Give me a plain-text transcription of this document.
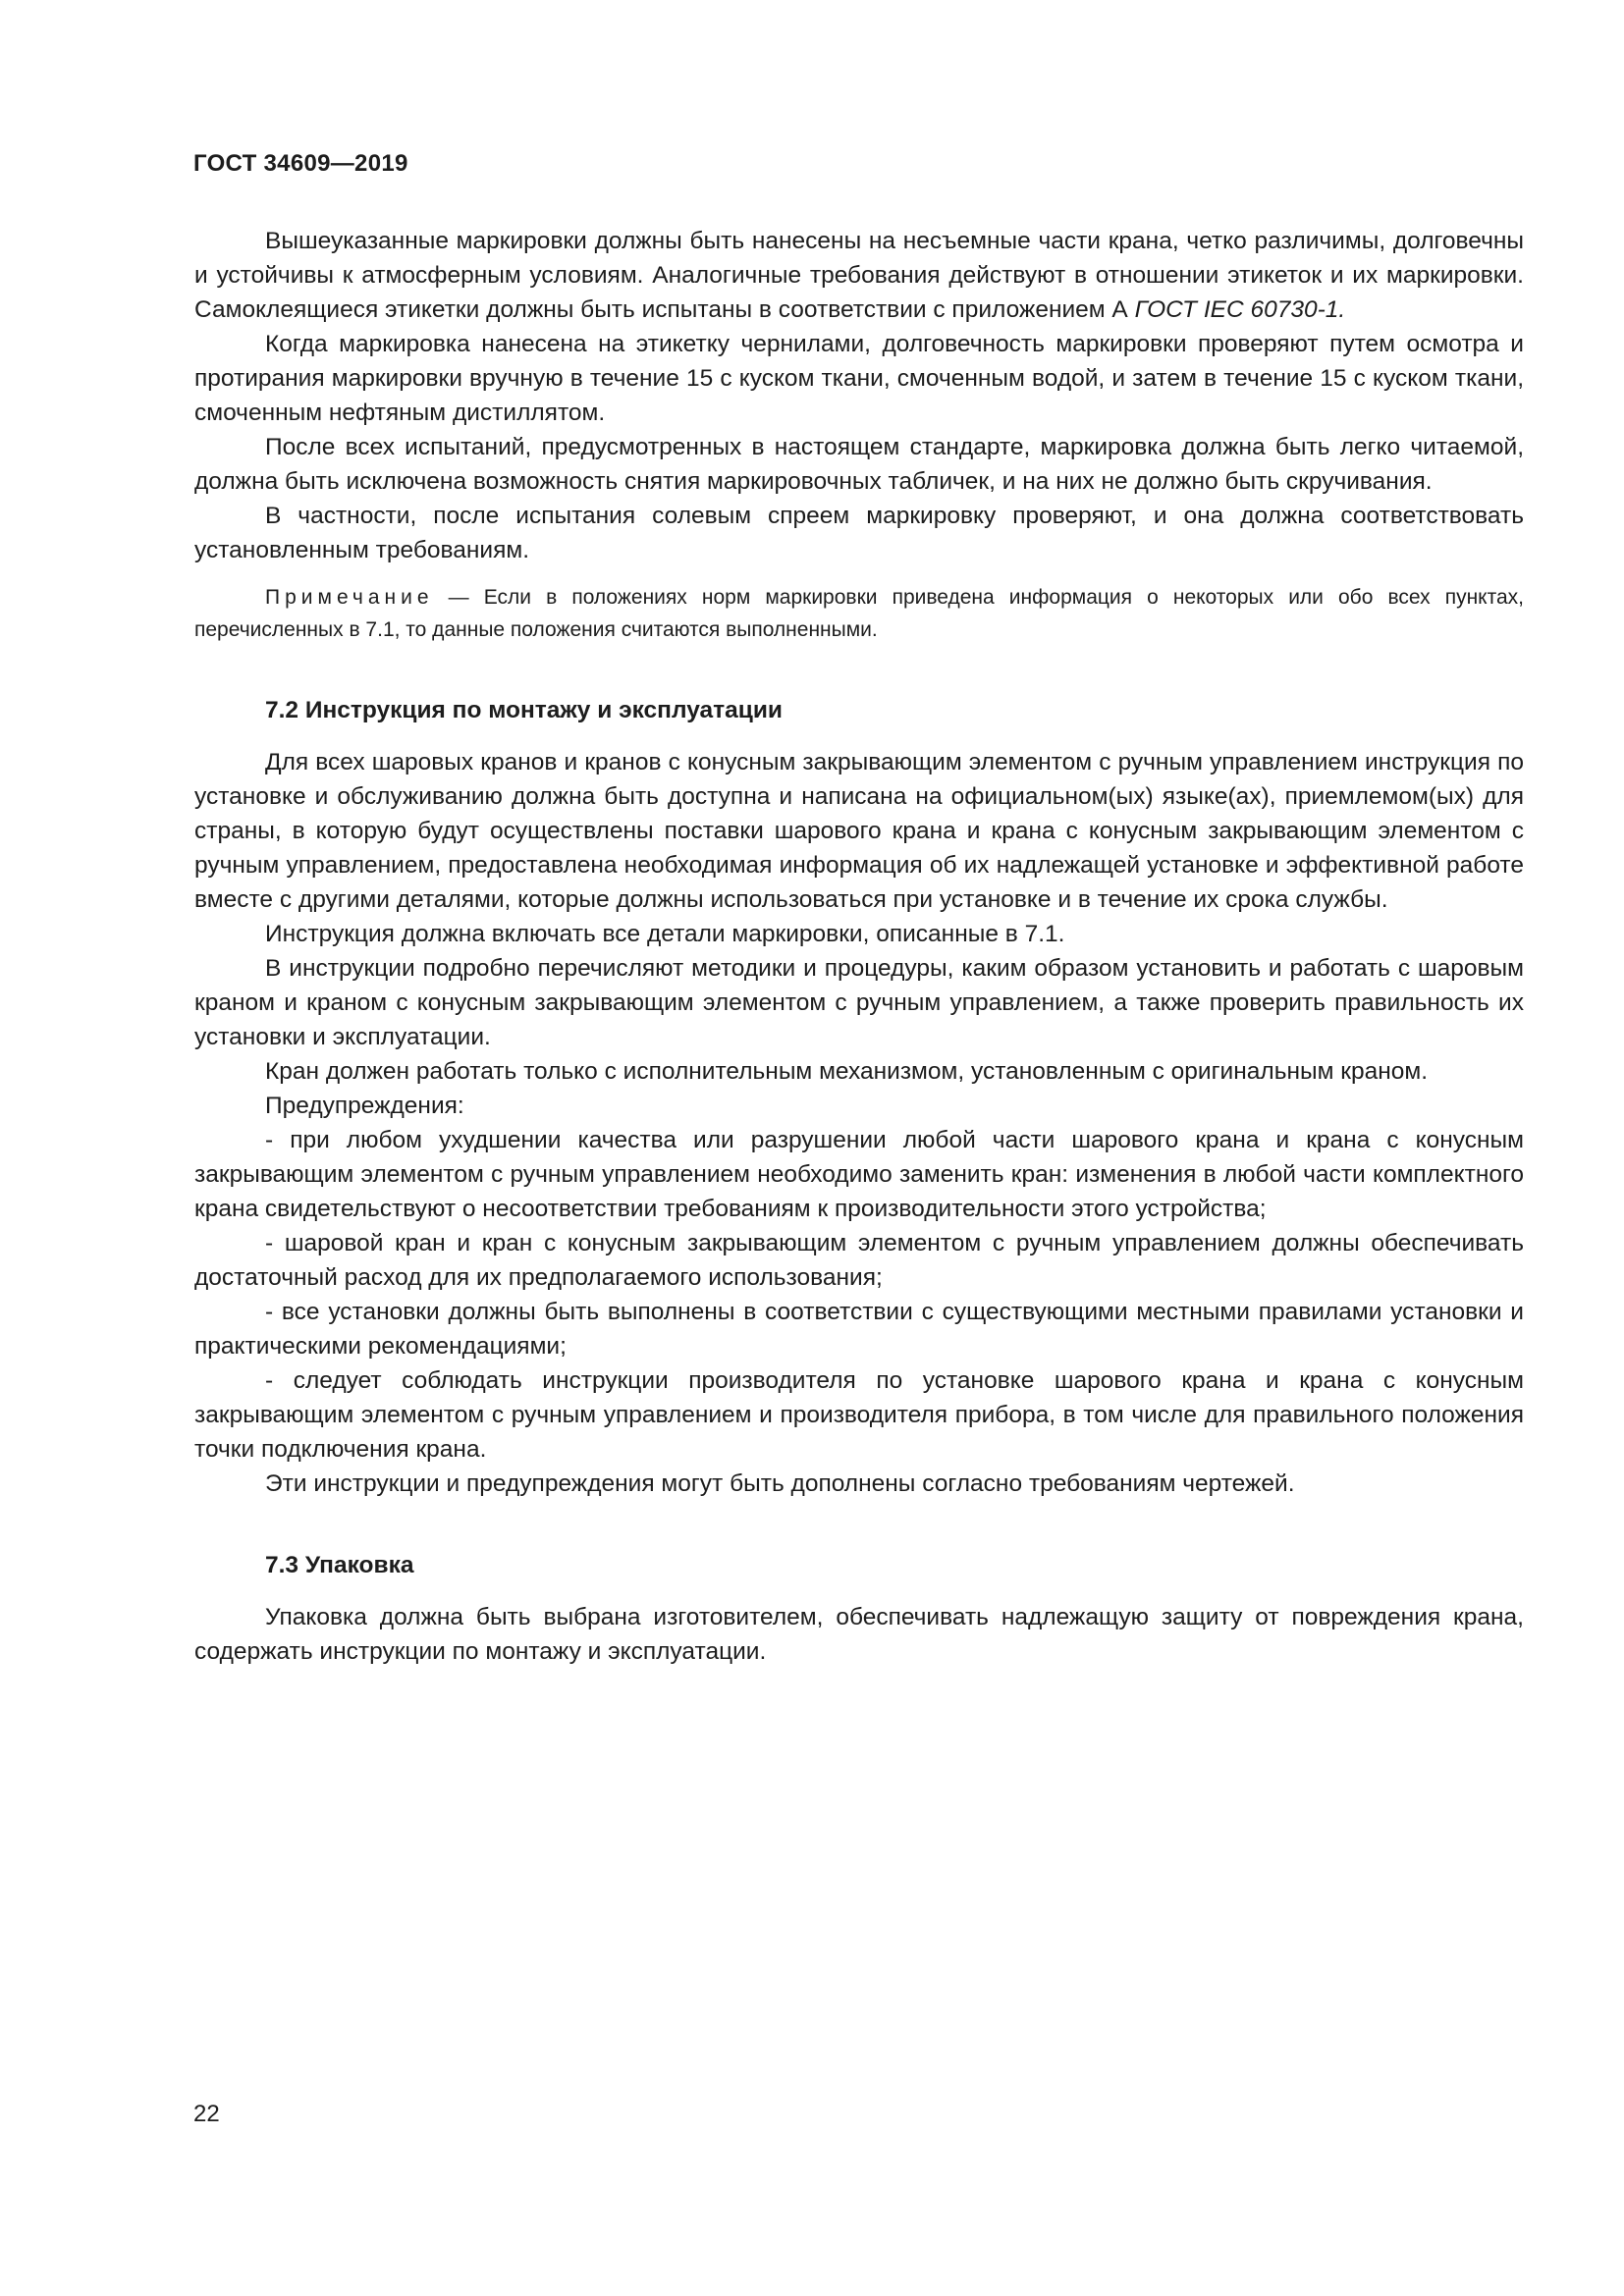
ГОСТ 34609—2019

Вышеуказанные маркировки должны быть нанесены на несъемные части крана, четко различимы, долговечны и устойчивы к атмосферным условиям. Аналогичные требования действуют в отношении этикеток и их маркировки. Самоклеящиеся этикетки должны быть испытаны в соответствии с приложением А ГОСТ IEC 60730-1.

Когда маркировка нанесена на этикетку чернилами, долговечность маркировки проверяют путем осмотра и протирания маркировки вручную в течение 15 с куском ткани, смоченным водой, и затем в течение 15 с куском ткани, смоченным нефтяным дистиллятом.

После всех испытаний, предусмотренных в настоящем стандарте, маркировка должна быть легко читаемой, должна быть исключена возможность снятия маркировочных табличек, и на них не должно быть скручивания.

В частности, после испытания солевым спреем маркировку проверяют, и она должна соответствовать установленным требованиям.

Примечание — Если в положениях норм маркировки приведена информация о некоторых или обо всех пунктах, перечисленных в 7.1, то данные положения считаются выполненными.

7.2 Инструкция по монтажу и эксплуатации

Для всех шаровых кранов и кранов с конусным закрывающим элементом с ручным управлением инструкция по установке и обслуживанию должна быть доступна и написана на официальном(ых) языке(ах), приемлемом(ых) для страны, в которую будут осуществлены поставки шарового крана и крана с конусным закрывающим элементом с ручным управлением, предоставлена необходимая информация об их надлежащей установке и эффективной работе вместе с другими деталями, которые должны использоваться при установке и в течение их срока службы.

Инструкция должна включать все детали маркировки, описанные в 7.1.

В инструкции подробно перечисляют методики и процедуры, каким образом установить и работать с шаровым краном и краном с конусным закрывающим элементом с ручным управлением, а также проверить правильность их установки и эксплуатации.

Кран должен работать только с исполнительным механизмом, установленным с оригинальным краном.

Предупреждения:

- при любом ухудшении качества или разрушении любой части шарового крана и крана с конусным закрывающим элементом с ручным управлением необходимо заменить кран: изменения в любой части комплектного крана свидетельствуют о несоответствии требованиям к производительности этого устройства;

- шаровой кран и кран с конусным закрывающим элементом с ручным управлением должны обеспечивать достаточный расход для их предполагаемого использования;

- все установки должны быть выполнены в соответствии с существующими местными правилами установки и практическими рекомендациями;

- следует соблюдать инструкции производителя по установке шарового крана и крана с конусным закрывающим элементом с ручным управлением и производителя прибора, в том числе для правильного положения точки подключения крана.

Эти инструкции и предупреждения могут быть дополнены согласно требованиям чертежей.

7.3 Упаковка

Упаковка должна быть выбрана изготовителем, обеспечивать надлежащую защиту от повреждения крана, содержать инструкции по монтажу и эксплуатации.

22
